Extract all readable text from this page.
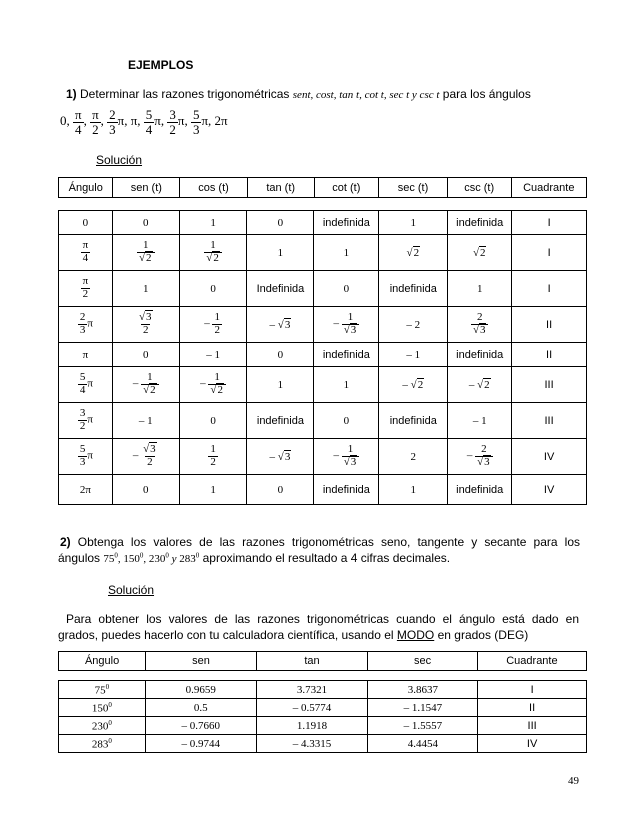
EJEMPLOS
1) Determinar las razones trigonométricas sent, cost, tan t, cot t, sec t y csc t para los ángulos
0, $\frac{\pi}{4}$ , $\frac{\pi}{2}$ , $\frac{2}{3} \pi$, π, $\frac{5}{4} \pi$, $\frac{3}{2} \pi$, $\frac{5}{3} \pi$, 2π
Solución
Ángulo	sen (t)	cos (t)	tan (t)	cot (t)	sec (t)	csc (t)	Cuadrante
0	0	1	0	indefinida	1	indefinida	I

$\frac{\pi}{4}$	$\frac{1}{√2}$	$\frac{1}{√2}$	1	1	√2	√2	I

$\frac{\pi}{2}$	1	0	Indefinida	0	indefinida	1	I

$\frac{2}{3}$ π	$\frac{√3}{2}$	– $\frac{1}{2}$	– √3	– $\frac{1}{√3}$	– 2	$\frac{2}{√3}$	II
π	0	– 1	0	indefinida	– 1	indefinida	II

$\frac{5}{4}$ π	– $\frac{1}{√2}$	– $\frac{1}{√2}$	1	1	– √2	– √2	III

$\frac{3}{2}$ π	– 1	0	indefinida	0	indefinida	– 1	III

$\frac{5}{3}$ π	– $\frac{√3}{2}$	$\frac{1}{2}$	– √3	– $\frac{1}{√3}$	2	– $\frac{2}{√3}$	IV
2π	0	1	0	indefinida	1	indefinida	IV
2) Obtenga los valores de las razones trigonométricas seno, tangente y secante para los
ángulos $75^0$, $150^0$, $230^0$ y $283^0$ aproximando el resultado a 4 cifras decimales.
Solución
Para obtener los valores de las razones trigonométricas cuando el ángulo está dado en
grados, puedes hacerlo con tu calculadora científica, usando el MODO en grados (DEG)
Ángulo	sen	tan	sec	Cuadrante
$75^0$	0.9659	3.7321	3.8637	I
$150^0$	0.5	– 0.5774	– 1.1547	II
$230^0$	– 0.7660	1.1918	– 1.5557	III
$283^0$	– 0.9744	– 4.3315	4.4454	IV
49
